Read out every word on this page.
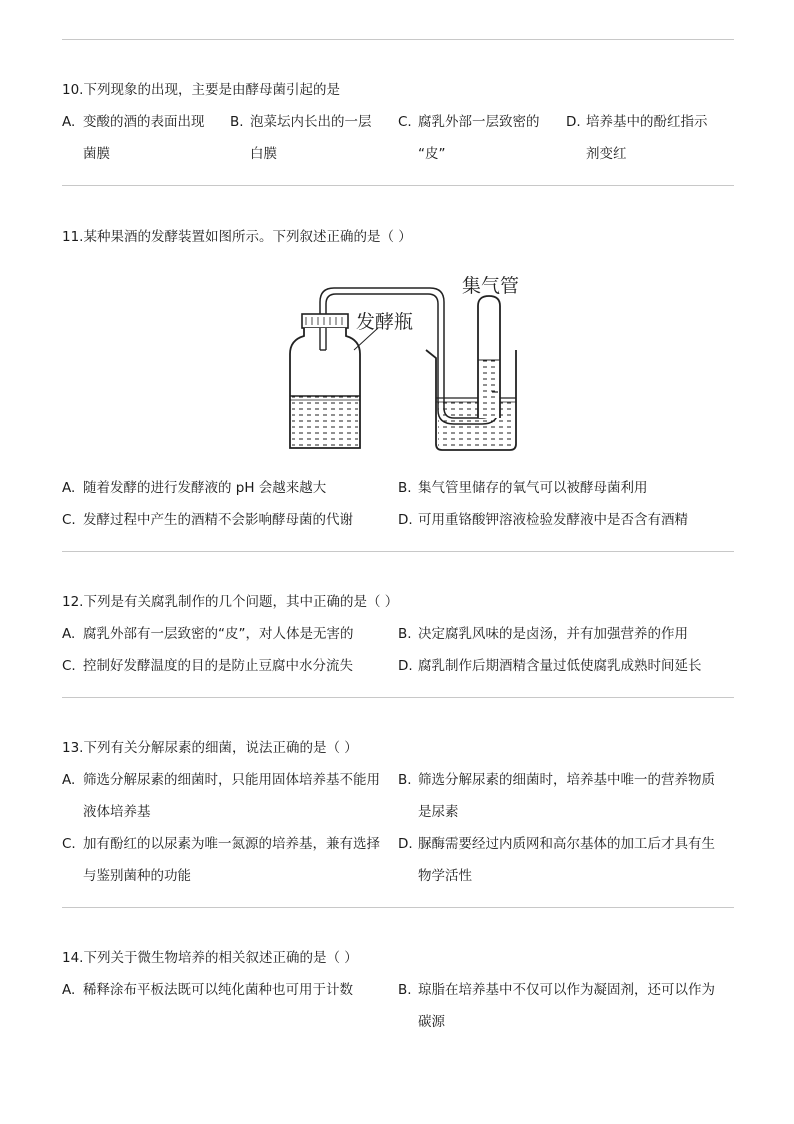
10.下列现象的出现，主要是由酵母菌引起的是
A. 变酸的酒的表面出现
菌膜
B. 泡菜坛内长出的一层
白膜
C. 腐乳外部一层致密的
“皮”
D. 培养基中的酚红指示
剂变红
11.某种果酒的发酵装置如图所示。下列叙述正确的是（ ）
发酵瓶
集气管
A. 随着发酵的进行发酵液的 pH 会越来越大	B. 集气管里储存的氧气可以被酵母菌利用
C. 发酵过程中产生的酒精不会影响酵母菌的代谢	D. 可用重铬酸钾溶液检验发酵液中是否含有酒精
12.下列是有关腐乳制作的几个问题，其中正确的是（ ）
A. 腐乳外部有一层致密的“皮”，对人体是无害的	B. 决定腐乳风味的是卤汤，并有加强营养的作用
C. 控制好发酵温度的目的是防止豆腐中水分流失	D. 腐乳制作后期酒精含量过低使腐乳成熟时间延长
13.下列有关分解尿素的细菌，说法正确的是（ ）
A. 筛选分解尿素的细菌时，只能用固体培养基不能用
液体培养基
B. 筛选分解尿素的细菌时，培养基中唯一的营养物质
是尿素
C. 加有酚红的以尿素为唯一氮源的培养基，兼有选择
与鉴别菌种的功能
D. 脲酶需要经过内质网和高尔基体的加工后才具有生
物学活性
14.下列关于微生物培养的相关叙述正确的是（ ）
A. 稀释涂布平板法既可以纯化菌种也可用于计数	B. 琼脂在培养基中不仅可以作为凝固剂，还可以作为
碳源
